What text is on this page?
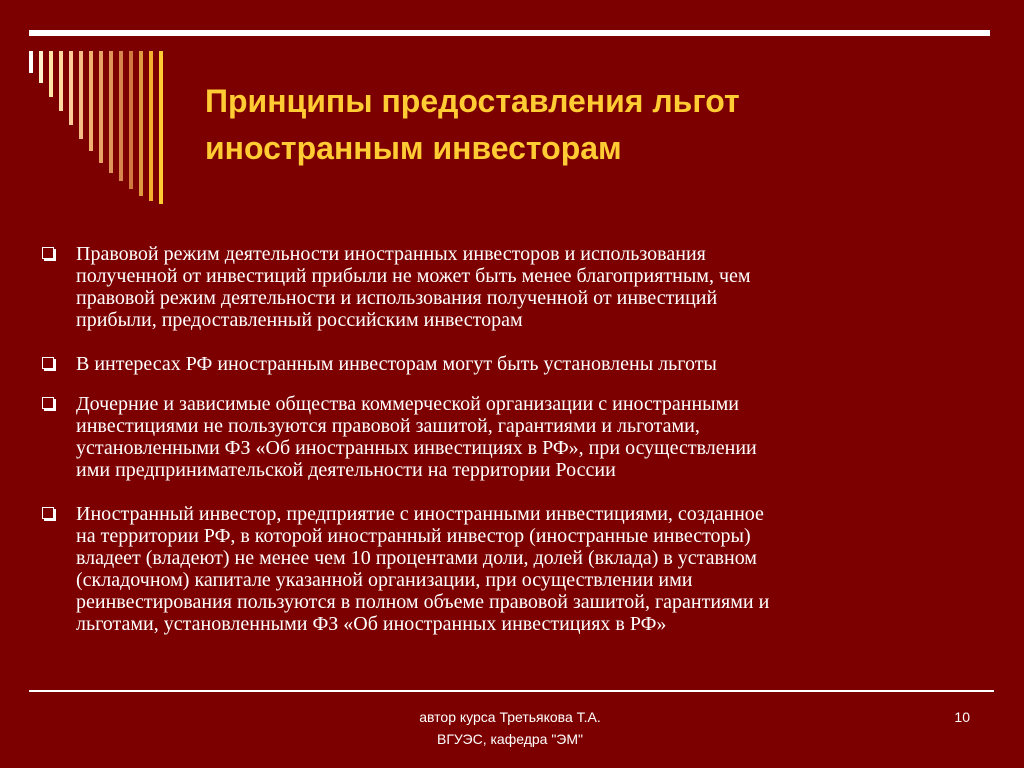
Принципы предоставления льгот
иностранным инвесторам
Правовой режим деятельности иностранных инвесторов и использования
полученной от инвестиций прибыли не может быть менее благоприятным, чем
правовой режим деятельности и использования полученной от инвестиций
прибыли, предоставленный российским инвесторам
В интересах РФ иностранным инвесторам могут быть установлены льготы
Дочерние и зависимые общества коммерческой организации с иностранными
инвестициями не пользуются правовой зашитой, гарантиями и льготами,
установленными ФЗ «Об иностранных инвестициях в РФ», при осуществлении
ими предпринимательской деятельности на территории России
Иностранный инвестор, предприятие с иностранными инвестициями, созданное
на территории РФ, в которой иностранный инвестор (иностранные инвесторы)
владеет (владеют) не менее чем 10 процентами доли, долей (вклада) в уставном
(складочном) капитале указанной организации, при осуществлении ими
реинвестирования пользуются в полном объеме правовой зашитой, гарантиями и
льготами, установленными ФЗ «Об иностранных инвестициях в РФ»
автор курса Третьякова Т.А.
ВГУЭС, кафедра "ЭМ"
10
